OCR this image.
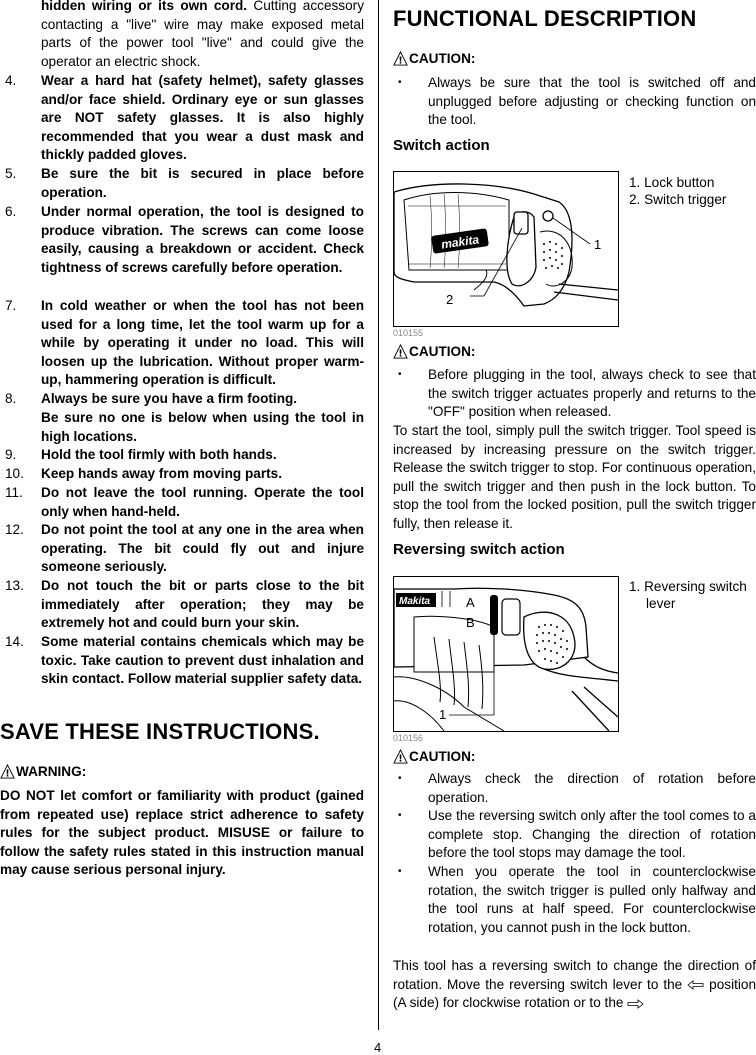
hidden wiring or its own cord. Cutting accessory contacting a "live" wire may make exposed metal parts of the power tool "live" and could give the operator an electric shock.

4. Wear a hard hat (safety helmet), safety glasses and/or face shield. Ordinary eye or sun glasses are NOT safety glasses. It is also highly recommended that you wear a dust mask and thickly padded gloves.

5. Be sure the bit is secured in place before operation.

6. Under normal operation, the tool is designed to produce vibration. The screws can come loose easily, causing a breakdown or accident. Check tightness of screws carefully before operation.

7. In cold weather or when the tool has not been used for a long time, let the tool warm up for a while by operating it under no load. This will loosen up the lubrication. Without proper warm-up, hammering operation is difficult.

8. Always be sure you have a firm footing.

Be sure no one is below when using the tool in high locations.

9. Hold the tool firmly with both hands.

10. Keep hands away from moving parts.

11. Do not leave the tool running. Operate the tool only when hand-held.

12. Do not point the tool at any one in the area when operating. The bit could fly out and injure someone seriously.

13. Do not touch the bit or parts close to the bit immediately after operation; they may be extremely hot and could burn your skin.

14. Some material contains chemicals which may be toxic. Take caution to prevent dust inhalation and skin contact. Follow material supplier safety data.

SAVE THESE INSTRUCTIONS.
! WARNING:

DO NOT let comfort or familiarity with product (gained from repeated use) replace strict adherence to safety rules for the subject product. MISUSE or failure to follow the safety rules stated in this instruction manual may cause serious personal injury.

FUNCTIONAL DESCRIPTION
! CAUTION:
• Always be sure that the tool is switched off and unplugged before adjusting or checking function on the tool.

Switch action
makita	1
2
010155
1. Lock button
2. Switch trigger
! CAUTION:
• Before plugging in the tool, always check to see that the switch trigger actuates properly and returns to the "OFF" position when released.

To start the tool, simply pull the switch trigger. Tool speed is increased by increasing pressure on the switch trigger. Release the switch trigger to stop. For continuous operation, pull the switch trigger and then push in the lock button. To stop the tool from the locked position, pull the switch trigger fully, then release it.

Reversing switch action
Makita	A
B
1
010156
1. Reversing switch
lever
! CAUTION:
• Always check the direction of rotation before operation.

• Use the reversing switch only after the tool comes to a complete stop. Changing the direction of rotation before the tool stops may damage the tool.

• When you operate the tool in counterclockwise rotation, the switch trigger is pulled only halfway and the tool runs at half speed. For counterclockwise rotation, you cannot push in the lock button.

This tool has a reversing switch to change the direction of rotation. Move the reversing switch lever to the position (A side) for clockwise rotation or to the

4
